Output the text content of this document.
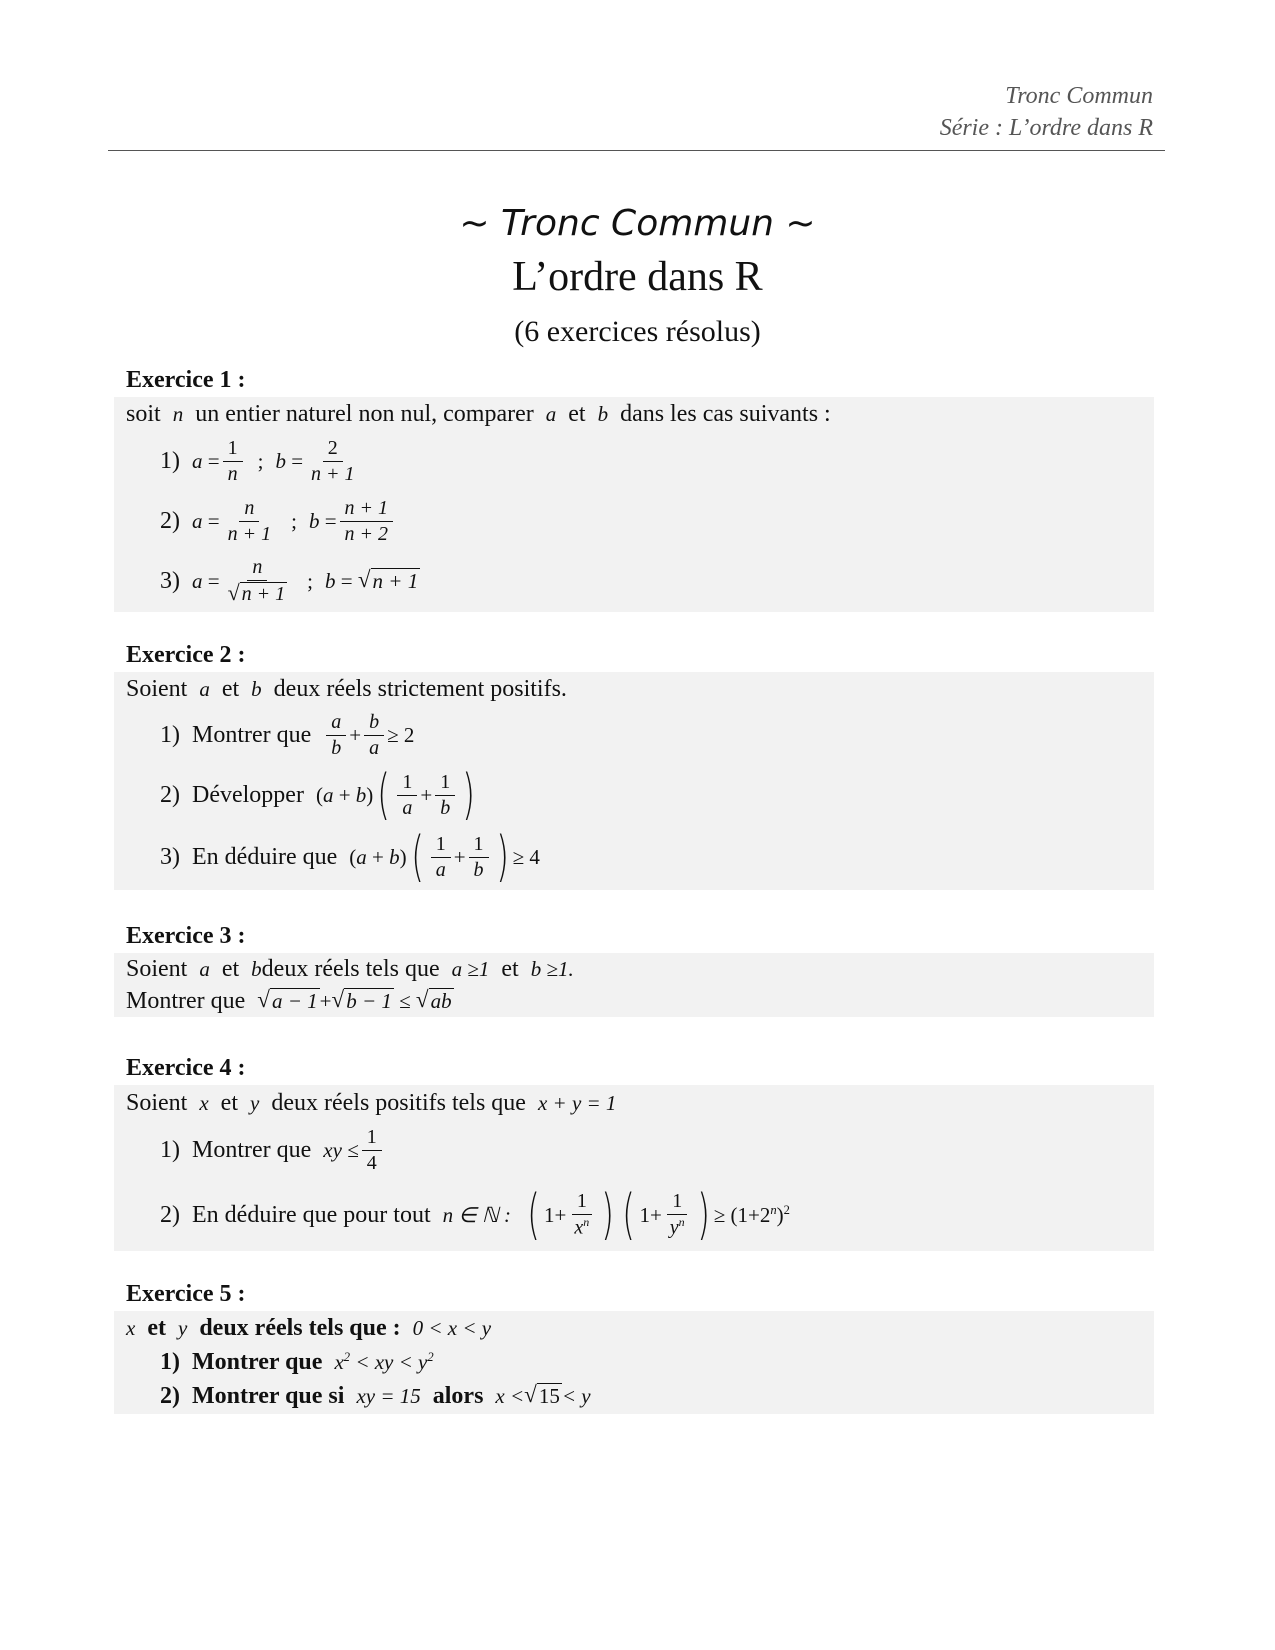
Tronc Commun
Série : L’ordre dans R
~ Tronc Commun ~
L’ordre dans R
(6 exercices résolus)
Exercice 1 :
soit n un entier naturel non nul, comparer a et b dans les cas suivants :
1) $a = \frac{1}{n}$ ; $b = \frac{2}{n + 1}$
2) $a = \frac{n}{n + 1}$ ; $b = \frac{n + 1}{n + 2}$
3) $a = \frac{n}{√ n + 1}$ ; b = √ n + 1
Exercice 2 :
Soient a et b deux réels strictement positifs.
1) Montrer que $\frac{a}{b} + \frac{b}{a} \ge 2$
2) Développer ( a + b ) ( $\frac{1}{a} + \frac{1}{b}$ )
3) En déduire que ( a + b ) ( $\frac{1}{a} + \frac{1}{b}$ ) ≥ 4
Exercice 3 :
Soient a et b deux réels tels que a ≥1 et b ≥1.
Montrer que √ a − 1 + √ b − 1 ≤ √ ab
Exercice 4 :
Soient x et y deux réels positifs tels que x + y = 1
1) Montrer que xy ≤ $\frac{1}{4}$
2) En déduire que pour tout n ∈ ℕ : ( $1+ \frac{1}{x^n}$ ) ( $1+ \frac{1}{y^n}$ ) ≥ $(1+2^n)^2$
Exercice 5 :
x et y deux réels tels que : 0 < x < y
1) Montrer que $x^2$ < xy < $y^2$
2) Montrer que si xy = 15 alors x < √ 15 < y
